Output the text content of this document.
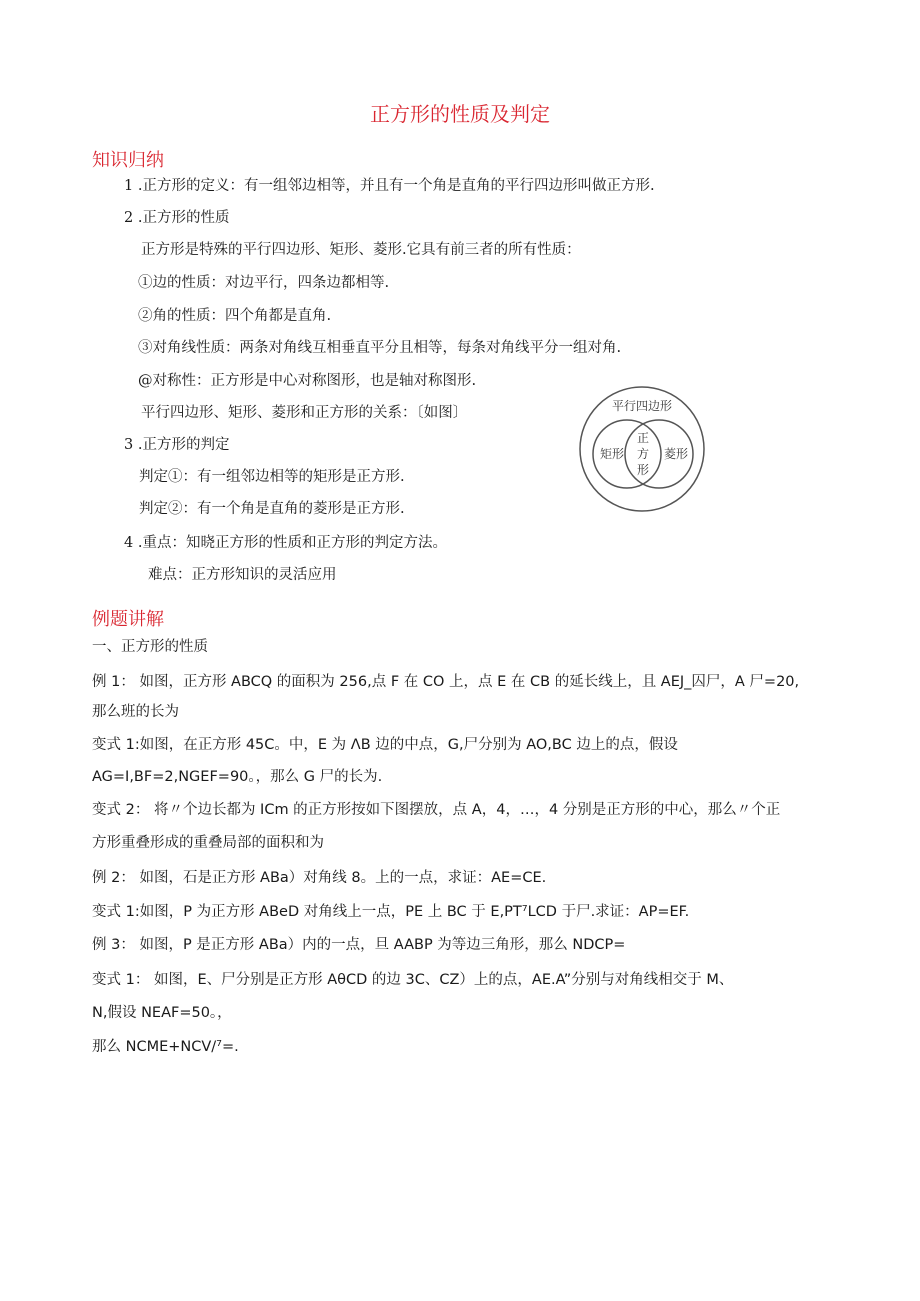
正方形的性质及判定
知识归纳
1 .正方形的定义：有一组邻边相等，并且有一个角是直角的平行四边形叫做正方形.
2 .正方形的性质
正方形是特殊的平行四边形、矩形、菱形.它具有前三者的所有性质：
①边的性质：对边平行，四条边都相等.
②角的性质：四个角都是直角.
③对角线性质：两条对角线互相垂直平分且相等，每条对角线平分一组对角.
@对称性：正方形是中心对称图形，也是轴对称图形.
平行四边形、矩形、菱形和正方形的关系：〔如图〕
3 .正方形的判定
判定①：有一组邻边相等的矩形是正方形.
判定②：有一个角是直角的菱形是正方形.
4 .重点：知晓正方形的性质和正方形的判定方法。
难点：正方形知识的灵活应用
平行四边形
矩形	菱形
正
方
形
例题讲解
一、正方形的性质
例 1： 如图，正方形 ABCQ 的面积为 256,点 F 在 CO 上，点 E 在 CB 的延长线上，且 AEJ_囚尸，A 尸=20,
那么班的长为
变式 1:如图，在正方形 45C。中，E 为 ΛB 边的中点，G,尸分别为 AO,BC 边上的点，假设
AG=I,BF=2,NGEF=90。，那么 G 尸的长为.
变式 2： 将〃个边长都为 ICm 的正方形按如下图摆放，点 A，4，…，4 分别是正方形的中心，那么〃个正
方形重叠形成的重叠局部的面积和为
例 2： 如图，石是正方形 ABa）对角线 8。上的一点，求证：AE=CE.
变式 1:如图，P 为正方形 ABeD 对角线上一点，PE 上 BC 于 E,PT⁷LCD 于尸.求证：AP=EF.
例 3： 如图，P 是正方形 ABa）内的一点，旦 AABP 为等边三角形，那么 NDCP=
变式 1： 如图，E、尸分别是正方形 AθCD 的边 3C、CZ）上的点，AE.A”分别与对角线相交于 M、
N,假设 NEAF=50。，
那么 NCME+NCV/⁷=.
